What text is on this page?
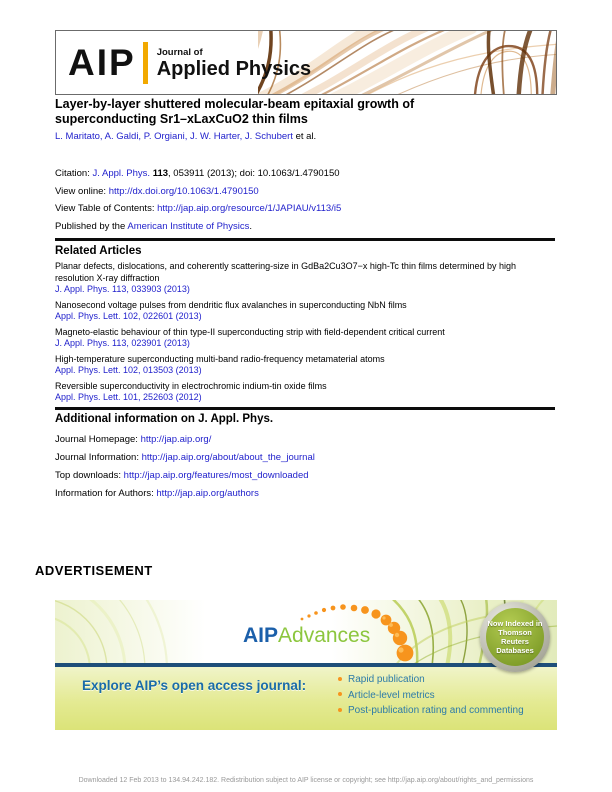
AIP Journal of
Applied Physics
Layer-by-layer shuttered molecular-beam epitaxial growth of
superconducting Sr1–xLaxCuO2 thin films
L. Maritato, A. Galdi, P. Orgiani, J. W. Harter, J. Schubert et al.
Citation: J. Appl. Phys. 113, 053911 (2013); doi: 10.1063/1.4790150
View online: http://dx.doi.org/10.1063/1.4790150
View Table of Contents: http://jap.aip.org/resource/1/JAPIAU/v113/i5
Published by the American Institute of Physics.
Related Articles
Planar defects, dislocations, and coherently scattering-size in GdBa2Cu3O7−x high-Tc thin films determined by high resolution X-ray diffraction
J. Appl. Phys. 113, 033903 (2013)
Nanosecond voltage pulses from dendritic flux avalanches in superconducting NbN films
Appl. Phys. Lett. 102, 022601 (2013)
Magneto-elastic behaviour of thin type-II superconducting strip with field-dependent critical current
J. Appl. Phys. 113, 023901 (2013)
High-temperature superconducting multi-band radio-frequency metamaterial atoms
Appl. Phys. Lett. 102, 013503 (2013)
Reversible superconductivity in electrochromic indium-tin oxide films
Appl. Phys. Lett. 101, 252603 (2012)
Additional information on J. Appl. Phys.
Journal Homepage: http://jap.aip.org/
Journal Information: http://jap.aip.org/about/about_the_journal
Top downloads: http://jap.aip.org/features/most_downloaded
Information for Authors: http://jap.aip.org/authors
ADVERTISEMENT
AIPAdvances
Explore AIP’s open access journal:	Rapid publication
Article-level metrics
Post-publication rating and commenting
Now Indexed in
Thomson Reuters
Databases
Downloaded 12 Feb 2013 to 134.94.242.182. Redistribution subject to AIP license or copyright; see http://jap.aip.org/about/rights_and_permissions
